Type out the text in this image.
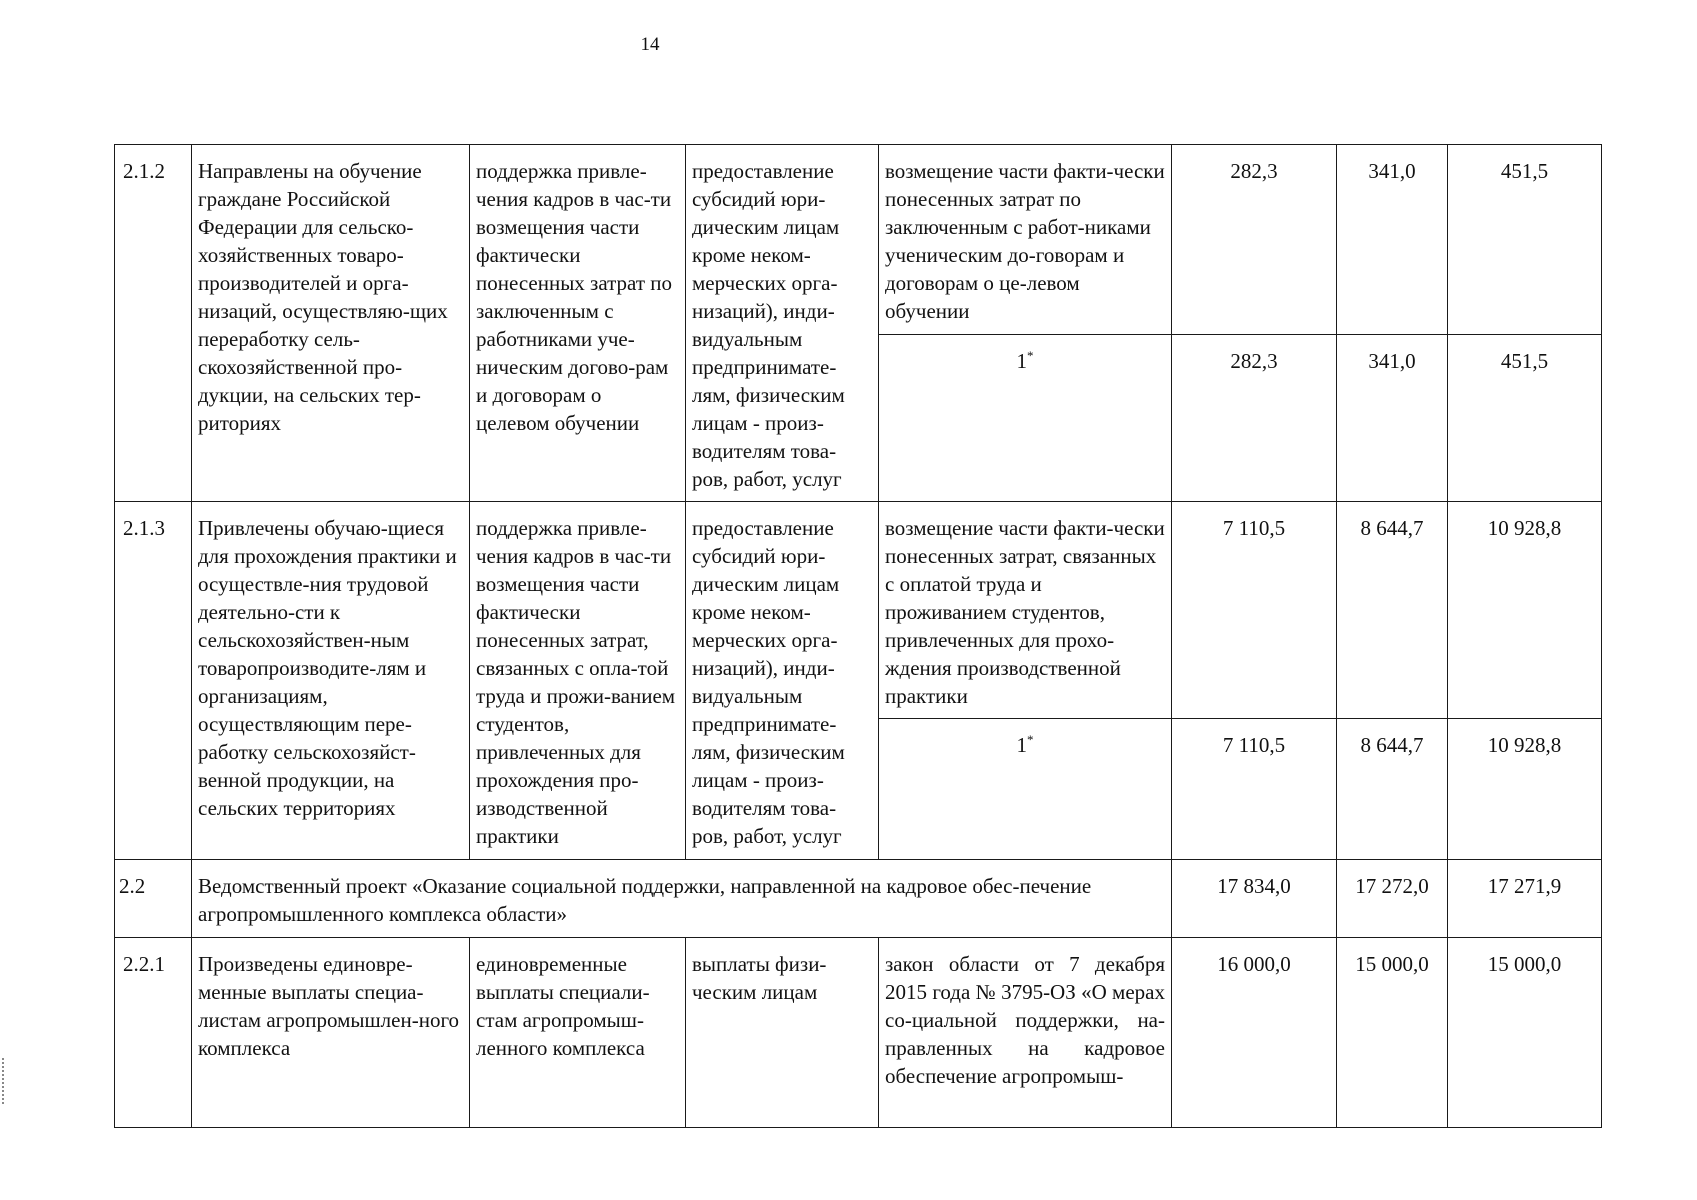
14
2.1.2	Направлены на обучение граждане Российской Федерации для сельско-хозяйственных товаро-производителей и орга-низаций, осуществляю-щих переработку сель-скохозяйственной про-дукции, на сельских тер-риториях	поддержка привле-чения кадров в час-ти возмещения части фактически понесенных затрат по заключенным с работниками уче-ническим догово-рам и договорам о целевом обучении	предоставление субсидий юри-дическим лицам кроме неком-мерческих орга-низаций), инди-видуальным предпринимате-лям, физическим лицам - произ-водителям това-ров, работ, услуг	возмещение части факти-чески понесенных затрат по заключенным с работ-никами ученическим до-говорам и договорам о це-левом обучении	282,3	341,0	451,5
				1*	282,3	341,0	451,5
2.1.3	Привлечены обучаю-щиеся для прохождения практики и осуществле-ния трудовой деятельно-сти к сельскохозяйствен-ным товаропроизводите-лям и организациям, осуществляющим пере-работку сельскохозяйст-венной продукции, на сельских территориях	поддержка привле-чения кадров в час-ти возмещения части фактически понесенных затрат, связанных с опла-той труда и прожи-ванием студентов, привлеченных для прохождения про-изводственной практики	предоставление субсидий юри-дическим лицам кроме неком-мерческих орга-низаций), инди-видуальным предпринимате-лям, физическим лицам - произ-водителям това-ров, работ, услуг	возмещение части факти-чески понесенных затрат, связанных с оплатой труда и проживанием студентов, привлеченных для прохо-ждения производственной практики	7 110,5	8 644,7	10 928,8
				1*	7 110,5	8 644,7	10 928,8
2.2	Ведомственный проект «Оказание социальной поддержки, направленной на кадровое обес-печение агропромышленного комплекса области»				17 834,0	17 272,0	17 271,9
2.2.1	Произведены единовре-менные выплаты специа-листам агропромышлен-ного комплекса	единовременные выплаты специали-стам агропромыш-ленного комплекса	выплаты физи-ческим лицам	закон области от 7 декабря 2015 года № 3795-ОЗ «О мерах со-циальной поддержки, на-правленных на кадровое обеспечение агропромыш-	16 000,0	15 000,0	15 000,0
